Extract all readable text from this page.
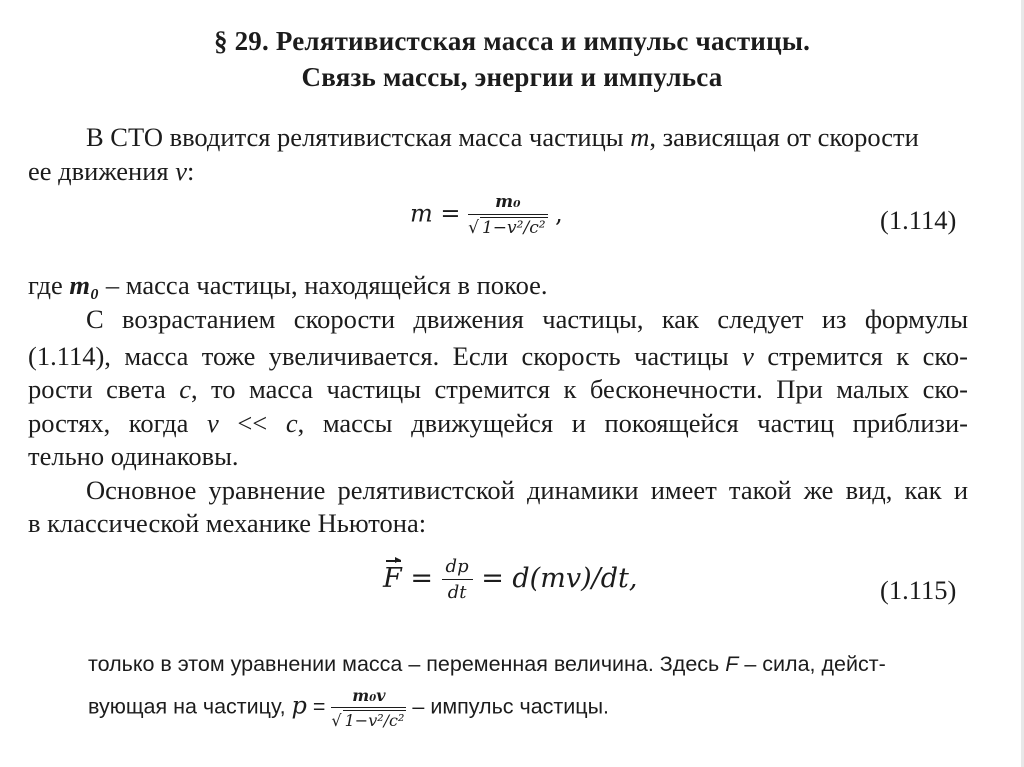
§ 29. Релятивистская масса и импульс частицы.
Связь массы, энергии и импульса
В СТО вводится релятивистская масса частицы m, зависящая от скорости
ее движения v:
$m = \frac{\text{m₀}}{\text{√ 1−v²/c²}}$ ,	(1.114)
где m₀ – масса частицы, находящейся в покое.
С возрастанием скорости движения частицы, как следует из формулы
(1.114), масса тоже увеличивается. Если скорость частицы v стремится к ско-
рости света c, то масса частицы стремится к бесконечности. При малых ско-
ростях, когда v << c, массы движущейся и покоящейся частиц приблизи-
тельно одинаковы.
Основное уравнение релятивистской динамики имеет такой же вид, как и
в классической механике Ньютона:
$F = \frac{dp}{dt} = d(mv)/dt$,	(1.115)
только в этом уравнении масса – переменная величина. Здесь F – сила, дейст-
вующая на частицу, $p = \frac{\text{m₀v}}{\text{√ 1−v²/c²}}$ – импульс частицы.
